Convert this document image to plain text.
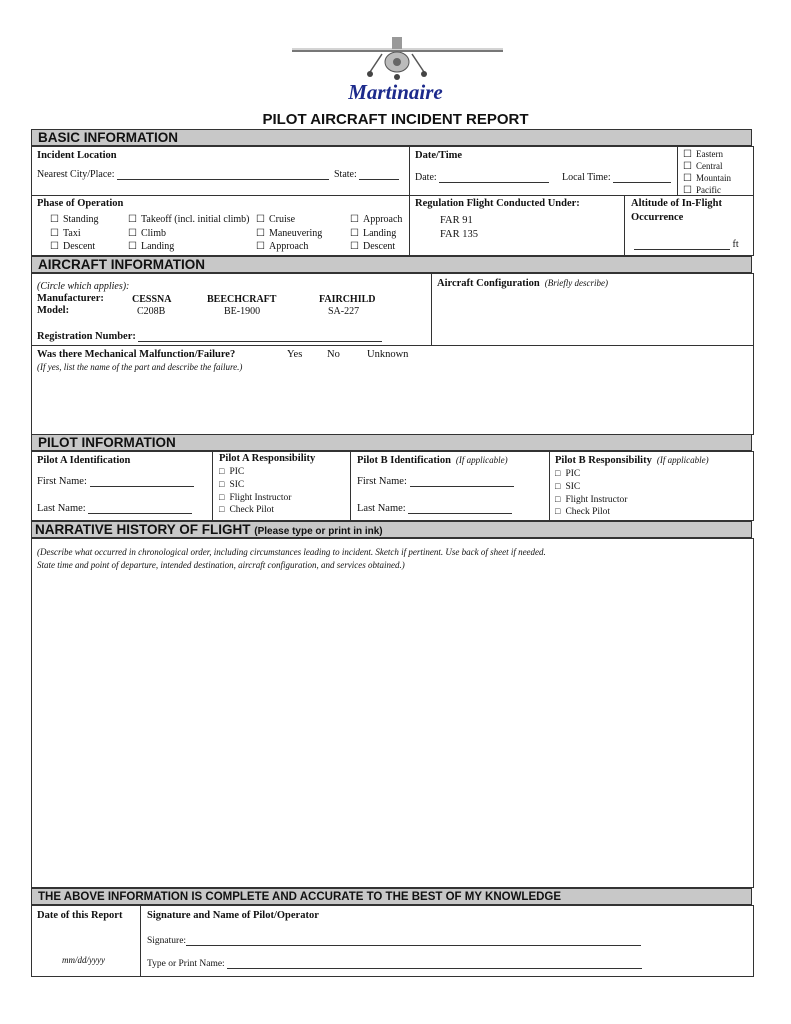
Martinaire
PILOT AIRCRAFT INCIDENT REPORT
BASIC INFORMATION
Incident Location
Nearest City/Place:	State:
Date/Time
Date:	Local Time:
☐ Eastern
☐ Central
☐ Mountain
☐ Pacific
Phase of Operation
☐ Standing	☐ Takeoff (incl. initial climb)	☐ Cruise	☐ Approach
☐ Taxi	☐ Climb	☐ Maneuvering	☐ Landing
☐ Descent	☐ Landing	☐ Approach	☐ Descent
Regulation Flight Conducted Under:
FAR 91
FAR 135
Altitude of In-Flight
Occurrence
ft
AIRCRAFT INFORMATION
(Circle which applies):
Manufacturer:
Model:
CESSNA	BEECHCRAFT	FAIRCHILD
C208B	BE-1900	SA-227
Registration Number:
Aircraft Configuration (Briefly describe)
Was there Mechanical Malfunction/Failure?	Yes No	Unknown
(If yes, list the name of the part and describe the failure.)
PILOT INFORMATION
Pilot A Identification
First Name:
Last Name:
Pilot A Responsibility
□ PIC
□ SIC
□ Flight Instructor
□ Check Pilot
Pilot B Identification (If applicable)
First Name:
Last Name:
Pilot B Responsibility (If applicable)
□ PIC
□ SIC
□ Flight Instructor
□ Check Pilot
NARRATIVE HISTORY OF FLIGHT (Please type or print in ink)
(Describe what occurred in chronological order, including circumstances leading to incident. Sketch if pertinent. Use back of sheet if needed.
State time and point of departure, intended destination, aircraft configuration, and services obtained.)
THE ABOVE INFORMATION IS COMPLETE AND ACCURATE TO THE BEST OF MY KNOWLEDGE
Date of this Report
mm/dd/yyyy
Signature and Name of Pilot/Operator
Signature:
Type or Print Name:
